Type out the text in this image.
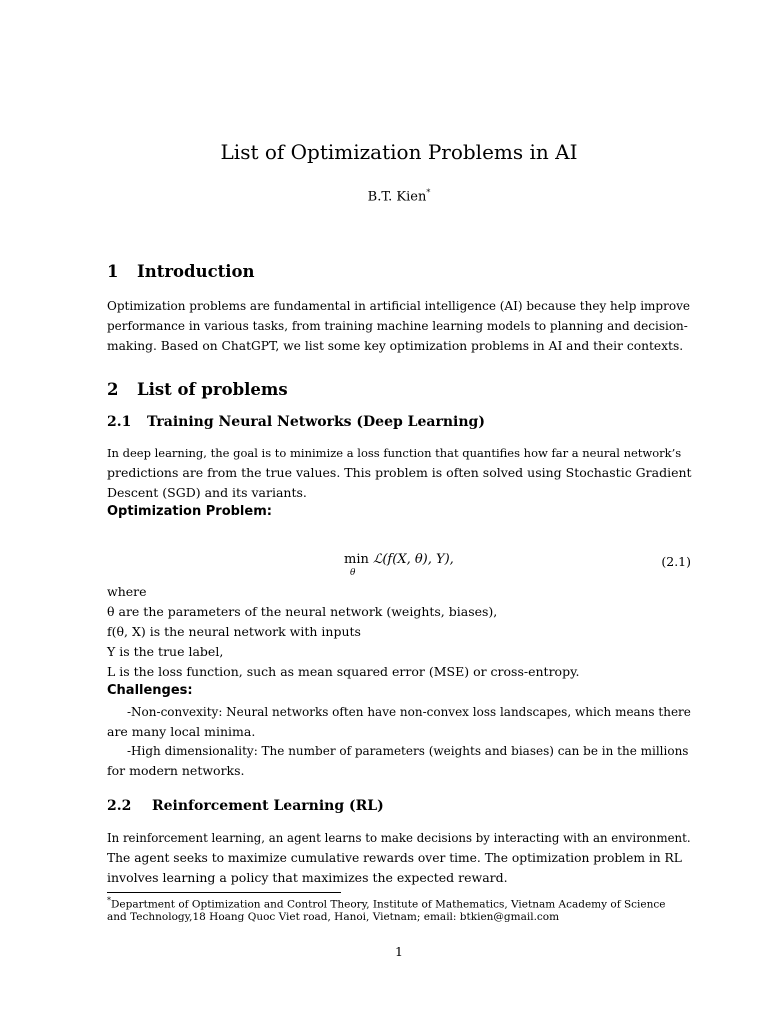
List of Optimization Problems in AI
B.T. Kien*
1 Introduction
Optimization problems are fundamental in artificial intelligence (AI) because they help improve
performance in various tasks, from training machine learning models to planning and decision-
making. Based on ChatGPT, we list some key optimization problems in AI and their contexts.
2 List of problems
2.1 Training Neural Networks (Deep Learning)
In deep learning, the goal is to minimize a loss function that quantifies how far a neural network’s
predictions are from the true values. This problem is often solved using Stochastic Gradient
Descent (SGD) and its variants.
Optimization Problem:
min
θ
ℒ(f(X, θ), Y),	(2.1)
where
θ are the parameters of the neural network (weights, biases),
f(θ, X) is the neural network with inputs
Y is the true label,
L is the loss function, such as mean squared error (MSE) or cross-entropy.
Challenges:
-Non-convexity: Neural networks often have non-convex loss landscapes, which means there
are many local minima.
-High dimensionality: The number of parameters (weights and biases) can be in the millions
for modern networks.
2.2 Reinforcement Learning (RL)
In reinforcement learning, an agent learns to make decisions by interacting with an environment.
The agent seeks to maximize cumulative rewards over time. The optimization problem in RL
involves learning a policy that maximizes the expected reward.
*Department of Optimization and Control Theory, Institute of Mathematics, Vietnam Academy of Science
and Technology,18 Hoang Quoc Viet road, Hanoi, Vietnam; email: btkien@gmail.com
1
